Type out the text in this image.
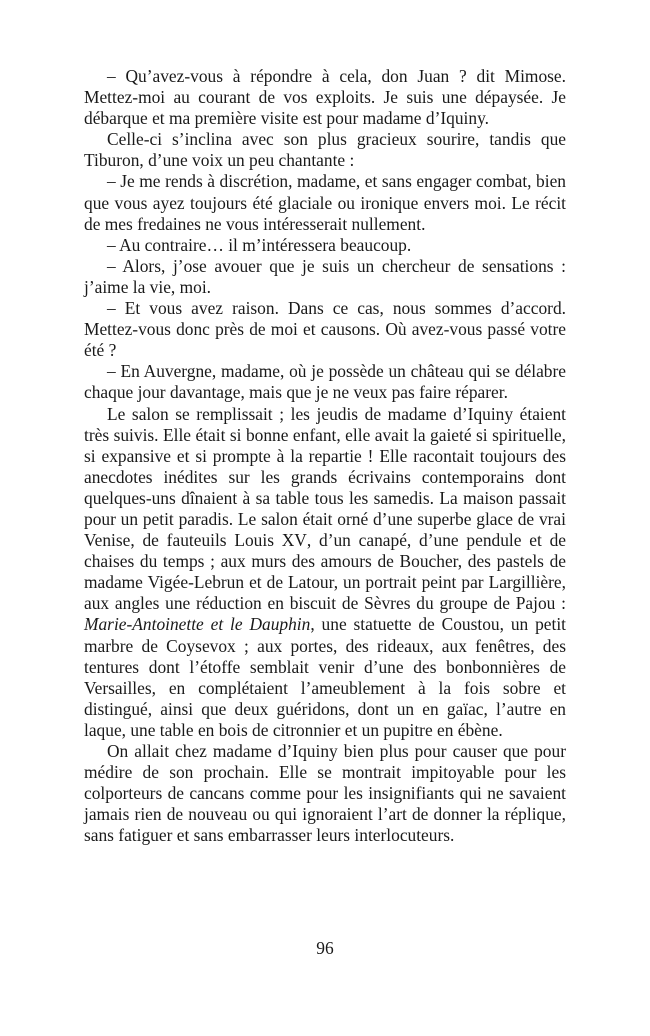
– Qu’avez-vous à répondre à cela, don Juan ? dit Mimose. Mettez-moi au courant de vos exploits. Je suis une dépaysée. Je débarque et ma première visite est pour madame d’Iquiny.

Celle-ci s’inclina avec son plus gracieux sourire, tandis que Tiburon, d’une voix un peu chantante :

– Je me rends à discrétion, madame, et sans engager combat, bien que vous ayez toujours été glaciale ou ironique envers moi. Le récit de mes fredaines ne vous intéresserait nullement.

– Au contraire… il m’intéressera beaucoup.

– Alors, j’ose avouer que je suis un chercheur de sensations : j’aime la vie, moi.

– Et vous avez raison. Dans ce cas, nous sommes d’accord. Mettez-vous donc près de moi et causons. Où avez-vous passé votre été ?

– En Auvergne, madame, où je possède un château qui se délabre chaque jour davantage, mais que je ne veux pas faire réparer.

Le salon se remplissait ; les jeudis de madame d’Iquiny étaient très suivis. Elle était si bonne enfant, elle avait la gaieté si spirituelle, si expansive et si prompte à la repartie ! Elle racontait toujours des anecdotes inédites sur les grands écrivains contemporains dont quelques-uns dînaient à sa table tous les samedis. La maison passait pour un petit paradis. Le salon était orné d’une superbe glace de vrai Venise, de fauteuils Louis XV, d’un canapé, d’une pendule et de chaises du temps ; aux murs des amours de Boucher, des pastels de madame Vigée-Lebrun et de Latour, un portrait peint par Largillière, aux angles une réduction en biscuit de Sèvres du groupe de Pajou : Marie-Antoinette et le Dauphin, une statuette de Coustou, un petit marbre de Coysevox ; aux portes, des rideaux, aux fenêtres, des tentures dont l’étoffe semblait venir d’une des bonbonnières de Versailles, en complétaient l’ameublement à la fois sobre et distingué, ainsi que deux guéridons, dont un en gaïac, l’autre en laque, une table en bois de citronnier et un pupitre en ébène.

On allait chez madame d’Iquiny bien plus pour causer que pour médire de son prochain. Elle se montrait impitoyable pour les colporteurs de cancans comme pour les insignifiants qui ne savaient jamais rien de nouveau ou qui ignoraient l’art de donner la réplique, sans fatiguer et sans embarrasser leurs interlocuteurs.

96
